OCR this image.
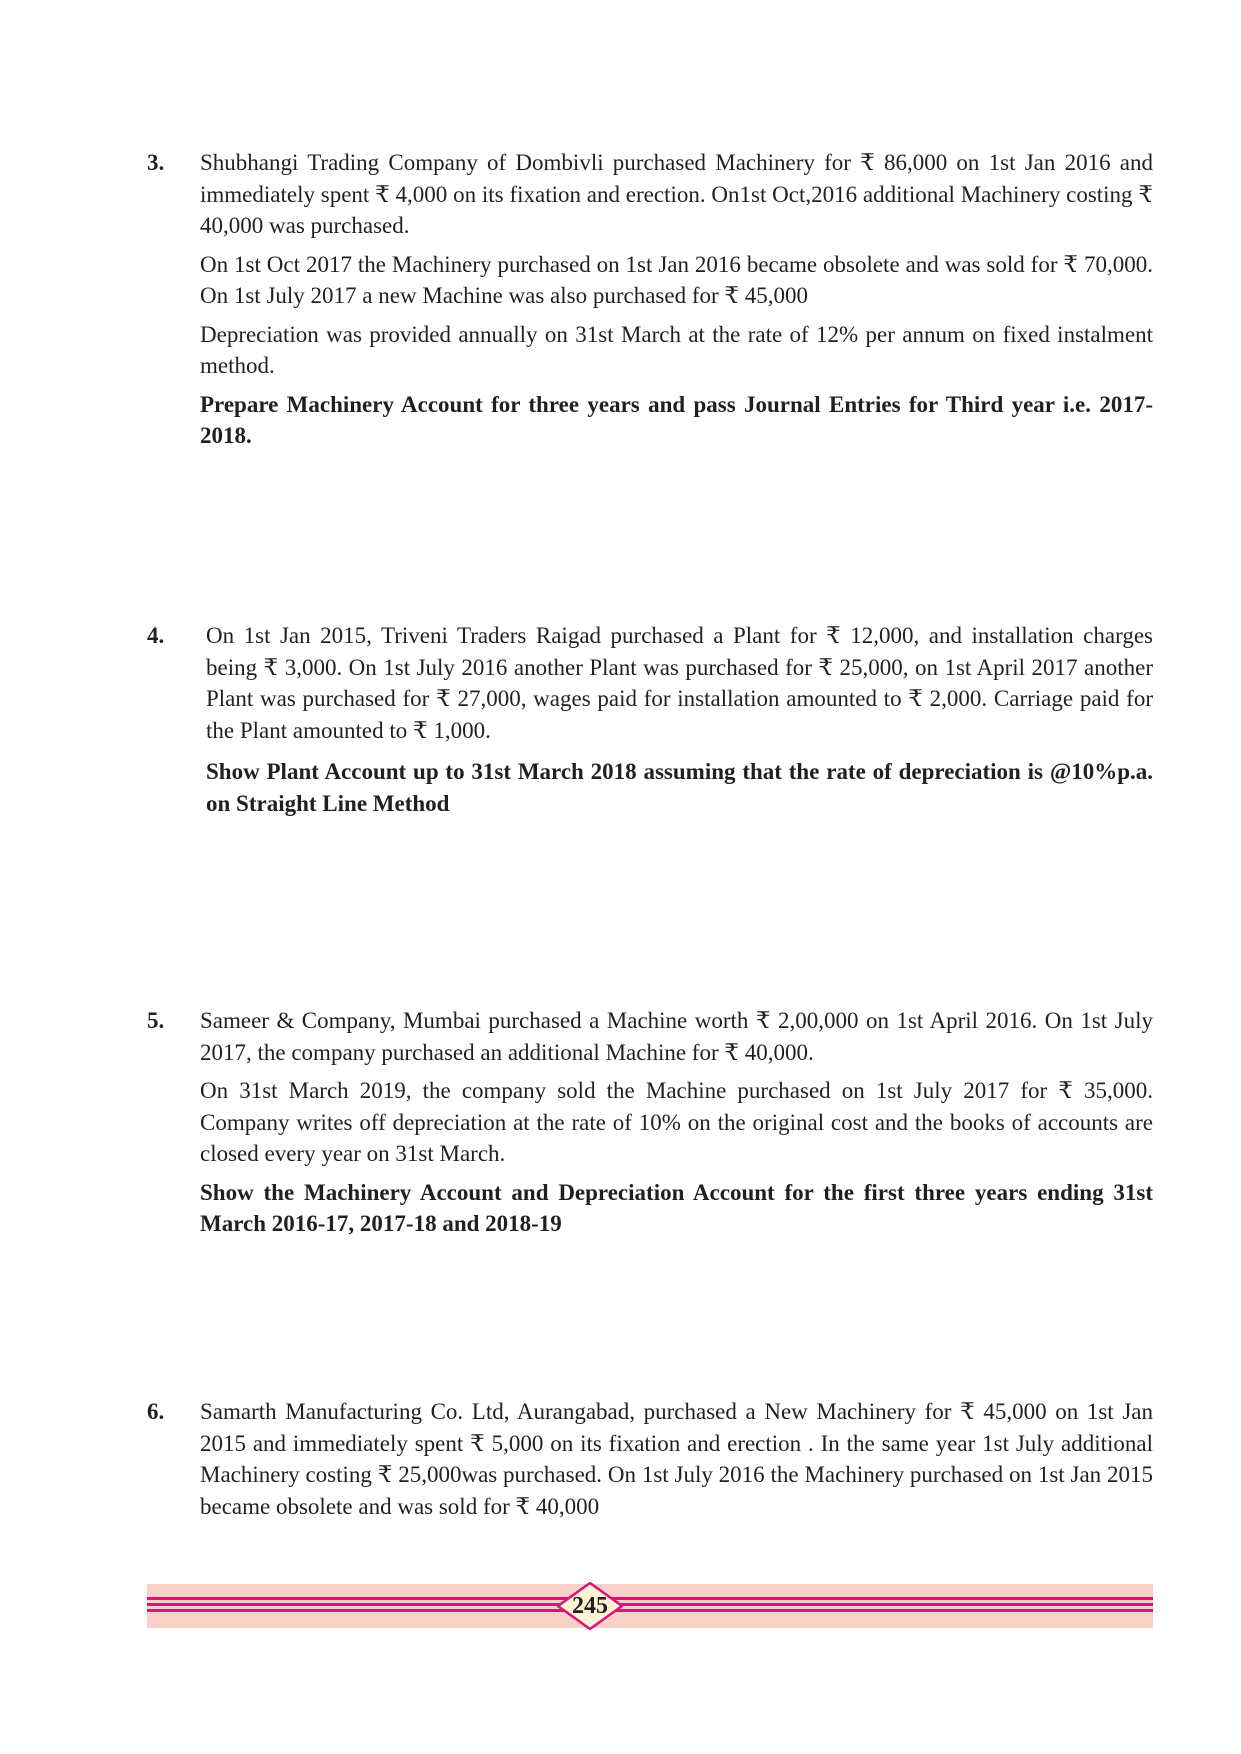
3. Shubhangi Trading Company of Dombivli purchased Machinery for ₹ 86,000 on 1st Jan 2016 and immediately spent ₹ 4,000 on its fixation and erection. On1st Oct,2016 additional Machinery costing ₹ 40,000 was purchased.

On 1st Oct 2017 the Machinery purchased on 1st Jan 2016 became obsolete and was sold for ₹ 70,000. On 1st July 2017 a new Machine was also purchased for ₹ 45,000

Depreciation was provided annually on 31st March at the rate of 12% per annum on fixed instalment method.

Prepare Machinery Account for three years and pass Journal Entries for Third year i.e. 2017-2018.

4. On 1st Jan 2015, Triveni Traders Raigad purchased a Plant for ₹ 12,000, and installation charges being ₹ 3,000. On 1st July 2016 another Plant was purchased for ₹ 25,000, on 1st April 2017 another Plant was purchased for ₹ 27,000, wages paid for installation amounted to ₹ 2,000. Carriage paid for the Plant amounted to ₹ 1,000.

Show Plant Account up to 31st March 2018 assuming that the rate of depreciation is @10%p.a. on Straight Line Method

5. Sameer & Company, Mumbai purchased a Machine worth ₹ 2,00,000 on 1st April 2016. On 1st July 2017, the company purchased an additional Machine for ₹ 40,000.

On 31st March 2019, the company sold the Machine purchased on 1st July 2017 for ₹ 35,000. Company writes off depreciation at the rate of 10% on the original cost and the books of accounts are closed every year on 31st March.

Show the Machinery Account and Depreciation Account for the first three years ending 31st March 2016-17, 2017-18 and 2018-19

6. Samarth Manufacturing Co. Ltd, Aurangabad, purchased a New Machinery for ₹ 45,000 on 1st Jan 2015 and immediately spent ₹ 5,000 on its fixation and erection . In the same year 1st July additional Machinery costing ₹ 25,000was purchased. On 1st July 2016 the Machinery purchased on 1st Jan 2015 became obsolete and was sold for ₹ 40,000

245
